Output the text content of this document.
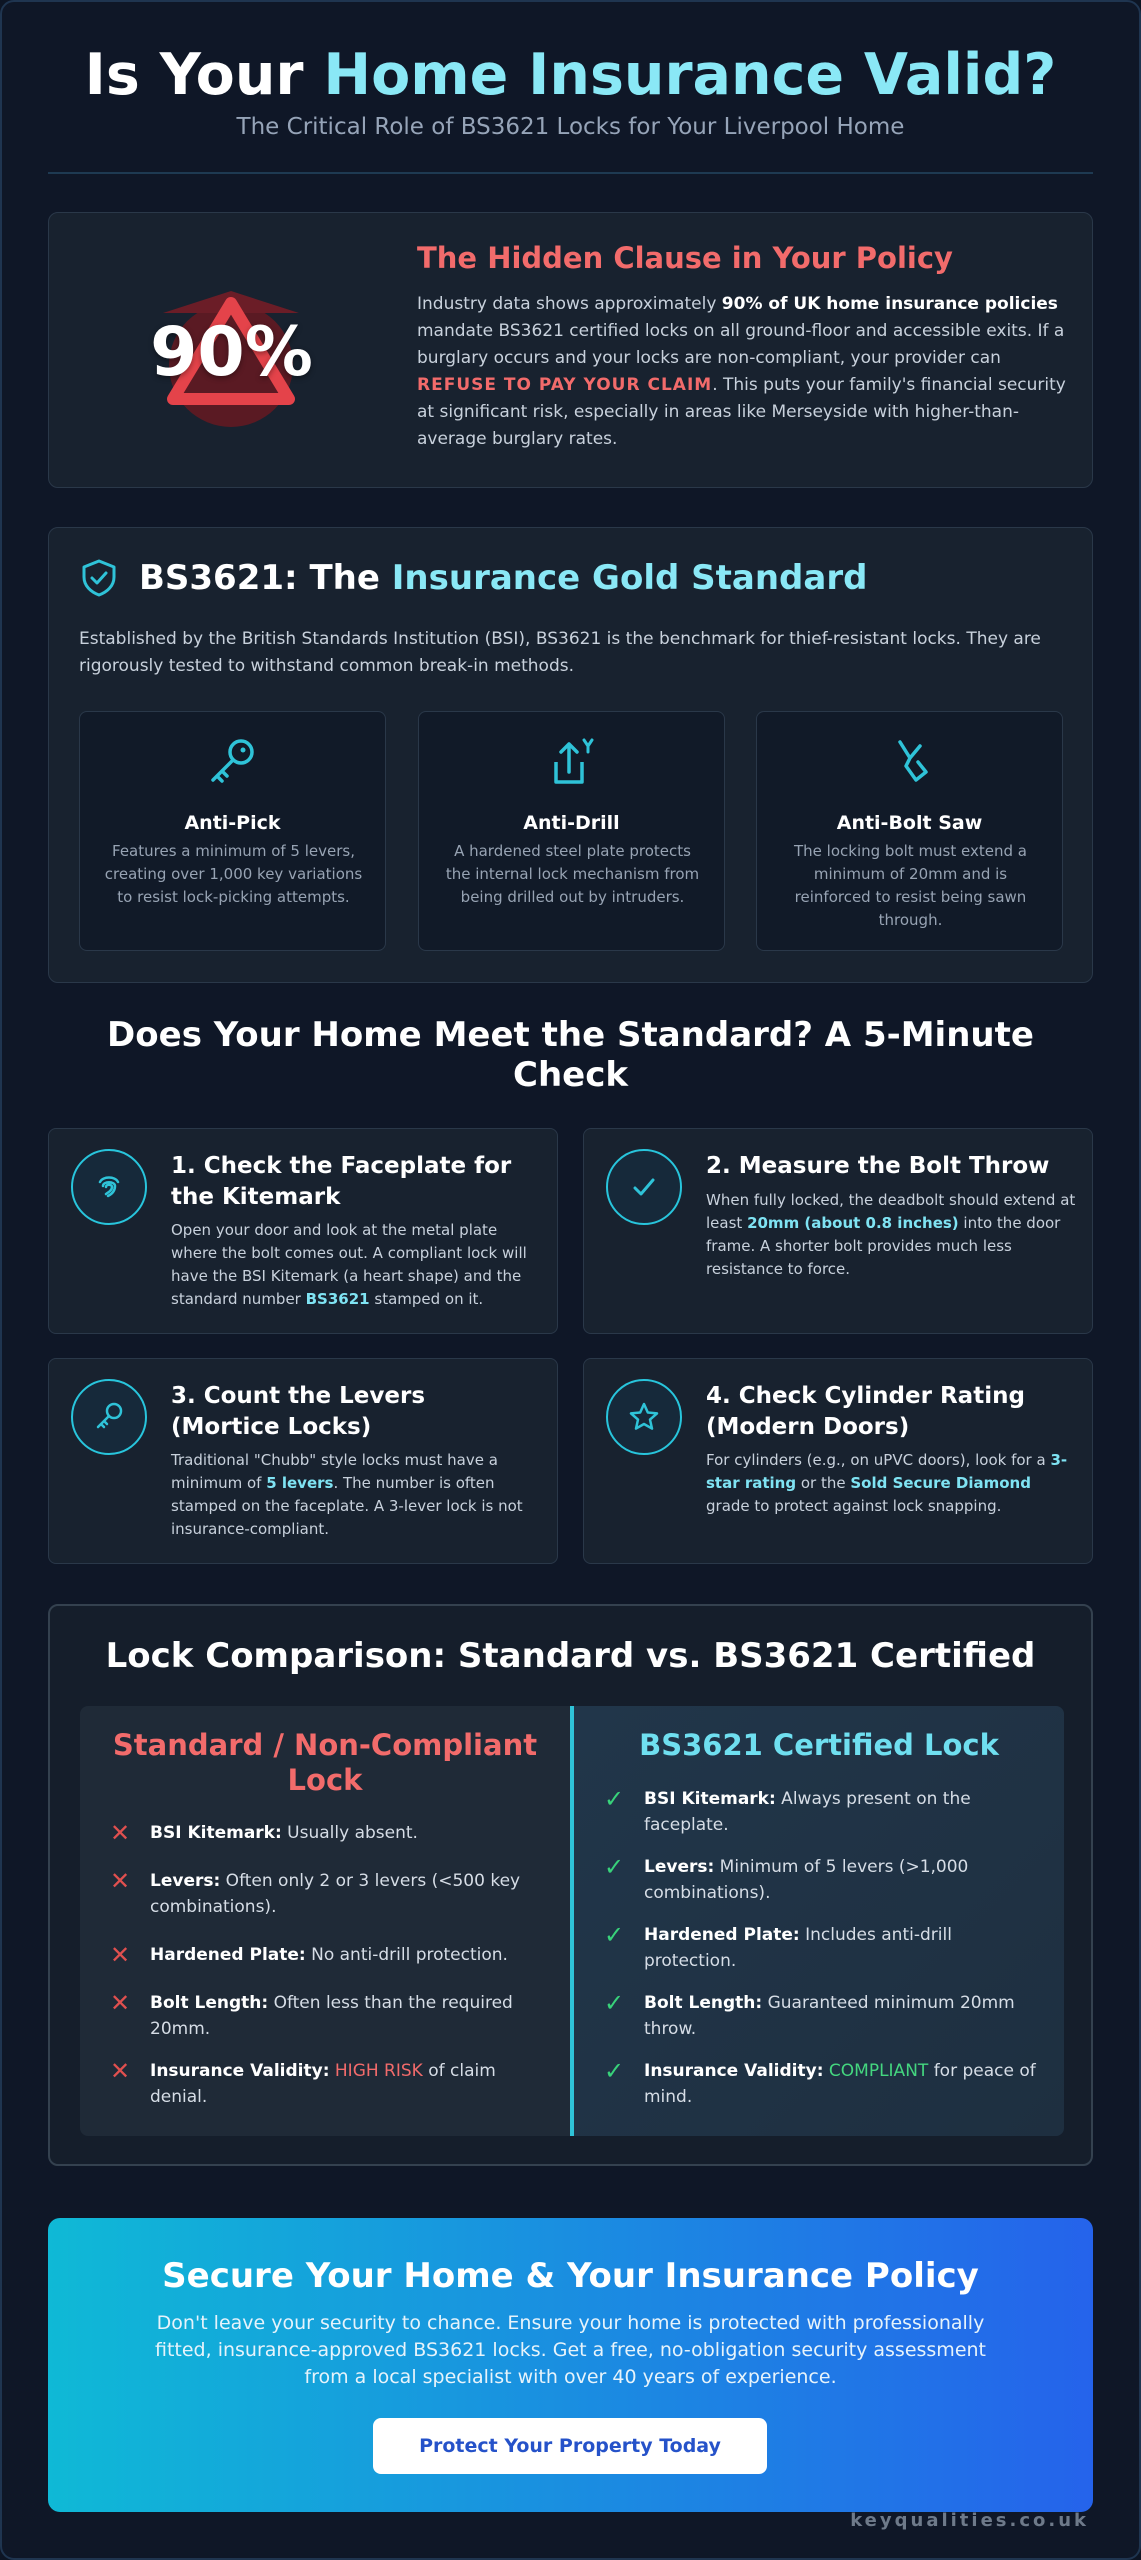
Is Your Home Insurance Valid?
The Critical Role of BS3621 Locks for Your Liverpool Home
90%
The Hidden Clause in Your Policy

Industry data shows approximately 90% of UK home insurance policies mandate BS3621 certified locks on all ground-floor and accessible exits. If a burglary occurs and your locks are non-compliant, your provider can REFUSE TO PAY YOUR CLAIM. This puts your family's financial security at significant risk, especially in areas like Merseyside with higher-than-average burglary rates.

BS3621: The Insurance Gold Standard
Established by the British Standards Institution (BSI), BS3621 is the benchmark for thief-resistant locks. They are rigorously tested to withstand common break-in methods.
Anti-Pick

Features a minimum of 5 levers, creating over 1,000 key variations to resist lock-picking attempts.

Anti-Drill

A hardened steel plate protects the internal lock mechanism from being drilled out by intruders.

Anti-Bolt Saw

The locking bolt must extend a minimum of 20mm and is reinforced to resist being sawn through.

Does Your Home Meet the Standard? A 5-Minute Check
1. Check the Faceplate for the Kitemark

Open your door and look at the metal plate where the bolt comes out. A compliant lock will have the BSI Kitemark (a heart shape) and the standard number BS3621 stamped on it.

2. Measure the Bolt Throw

When fully locked, the deadbolt should extend at least 20mm (about 0.8 inches) into the door frame. A shorter bolt provides much less resistance to force.

3. Count the Levers (Mortice Locks)

Traditional "Chubb" style locks must have a minimum of 5 levers. The number is often stamped on the faceplate. A 3-lever lock is not insurance-compliant.

4. Check Cylinder Rating (Modern Doors)

For cylinders (e.g., on uPVC doors), look for a 3-star rating or the Sold Secure Diamond grade to protect against lock snapping.

Lock Comparison: Standard vs. BS3621 Certified
Standard / Non-Compliant Lock
✕	BSI Kitemark: Usually absent.
✕	Levers: Often only 2 or 3 levers (<500 key combinations).
✕	Hardened Plate: No anti-drill protection.
✕	Bolt Length: Often less than the required 20mm.
✕	Insurance Validity: HIGH RISK of claim denial.
BS3621 Certified Lock
✓	BSI Kitemark: Always present on the faceplate.
✓	Levers: Minimum of 5 levers (>1,000 combinations).
✓	Hardened Plate: Includes anti-drill protection.
✓	Bolt Length: Guaranteed minimum 20mm throw.
✓	Insurance Validity: COMPLIANT for peace of mind.
Secure Your Home & Your Insurance Policy

Don't leave your security to chance. Ensure your home is protected with professionally fitted, insurance-approved BS3621 locks. Get a free, no-obligation security assessment from a local specialist with over 40 years of experience.

Protect Your Property Today
keyqualities.co.uk
